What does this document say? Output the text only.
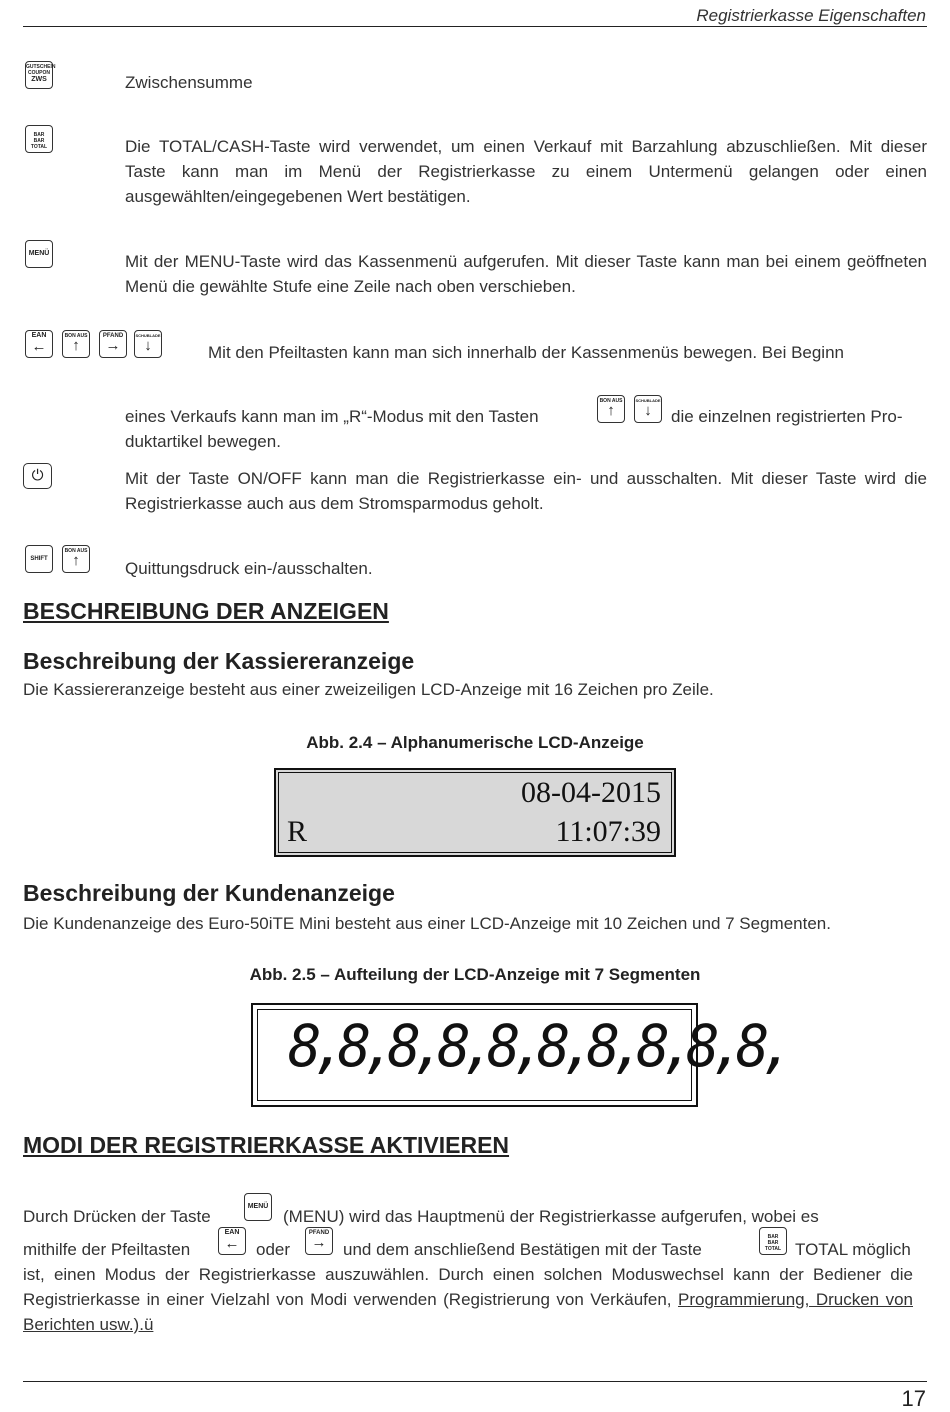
Registrierkasse Eigenschaften
GUTSCHEIN COUPON
ZWS	Zwischensumme
BAR
BAR TOTAL	Die TOTAL/CASH-Taste wird verwendet, um einen Verkauf mit Barzahlung abzuschließen. Mit dieser Taste kann man im Menü der Registrierkasse zu einem Untermenü gelangen oder einen ausgewählten/eingegebenen Wert bestätigen.
MENÜ	Mit der MENU-Taste wird das Kassenmenü aufgerufen. Mit dieser Taste kann man bei einem geöffneten Menü die gewählte Stufe eine Zeile nach oben verschieben.
EAN
←
BON AUS
↑
PFAND
→
SCHUBLADE
↓	Mit den Pfeiltasten kann man sich innerhalb der Kassenmenüs bewegen. Bei Beginn
eines Verkaufs kann man im „R“-Modus mit den Tasten
BON AUS
↑
SCHUBLADE
↓	die einzelnen registrierten Pro-
duktartikel bewegen.
⏻	Mit der Taste ON/OFF kann man die Registrierkasse ein- und ausschalten. Mit dieser Taste wird die Registrierkasse auch aus dem Stromsparmodus geholt.
SHIFT
BON AUS
↑	Quittungsdruck ein-/ausschalten.
BESCHREIBUNG DER ANZEIGEN
Beschreibung der Kassiereranzeige
Die Kassiereranzeige besteht aus einer zweizeiligen LCD-Anzeige mit 16 Zeichen pro Zeile.
Abb. 2.4 – Alphanumerische LCD-Anzeige
08-04-2015
R	11:07:39
Beschreibung der Kundenanzeige
Die Kundenanzeige des Euro-50iTE Mini besteht aus einer LCD-Anzeige mit 10 Zeichen und 7 Segmenten.
Abb. 2.5 – Aufteilung der LCD-Anzeige mit 7 Segmenten
8,8,8,8,8,8,8,8,8,8,
MODI DER REGISTRIERKASSE AKTIVIEREN
Durch Drücken der Taste
MENÜ
(MENU) wird das Hauptmenü der Registrierkasse aufgerufen, wobei es
mithilfe der Pfeiltasten
EAN
← oder
PFAND
→ und dem anschließend Bestätigen mit der Taste
BAR
BAR TOTAL TOTAL möglich
ist, einen Modus der Registrierkasse auszuwählen. Durch einen solchen Moduswechsel kann der Bediener die Registrierkasse in einer Vielzahl von Modi verwenden (Registrierung von Verkäufen, Programmierung, Drucken von Berichten usw.).ü
17
